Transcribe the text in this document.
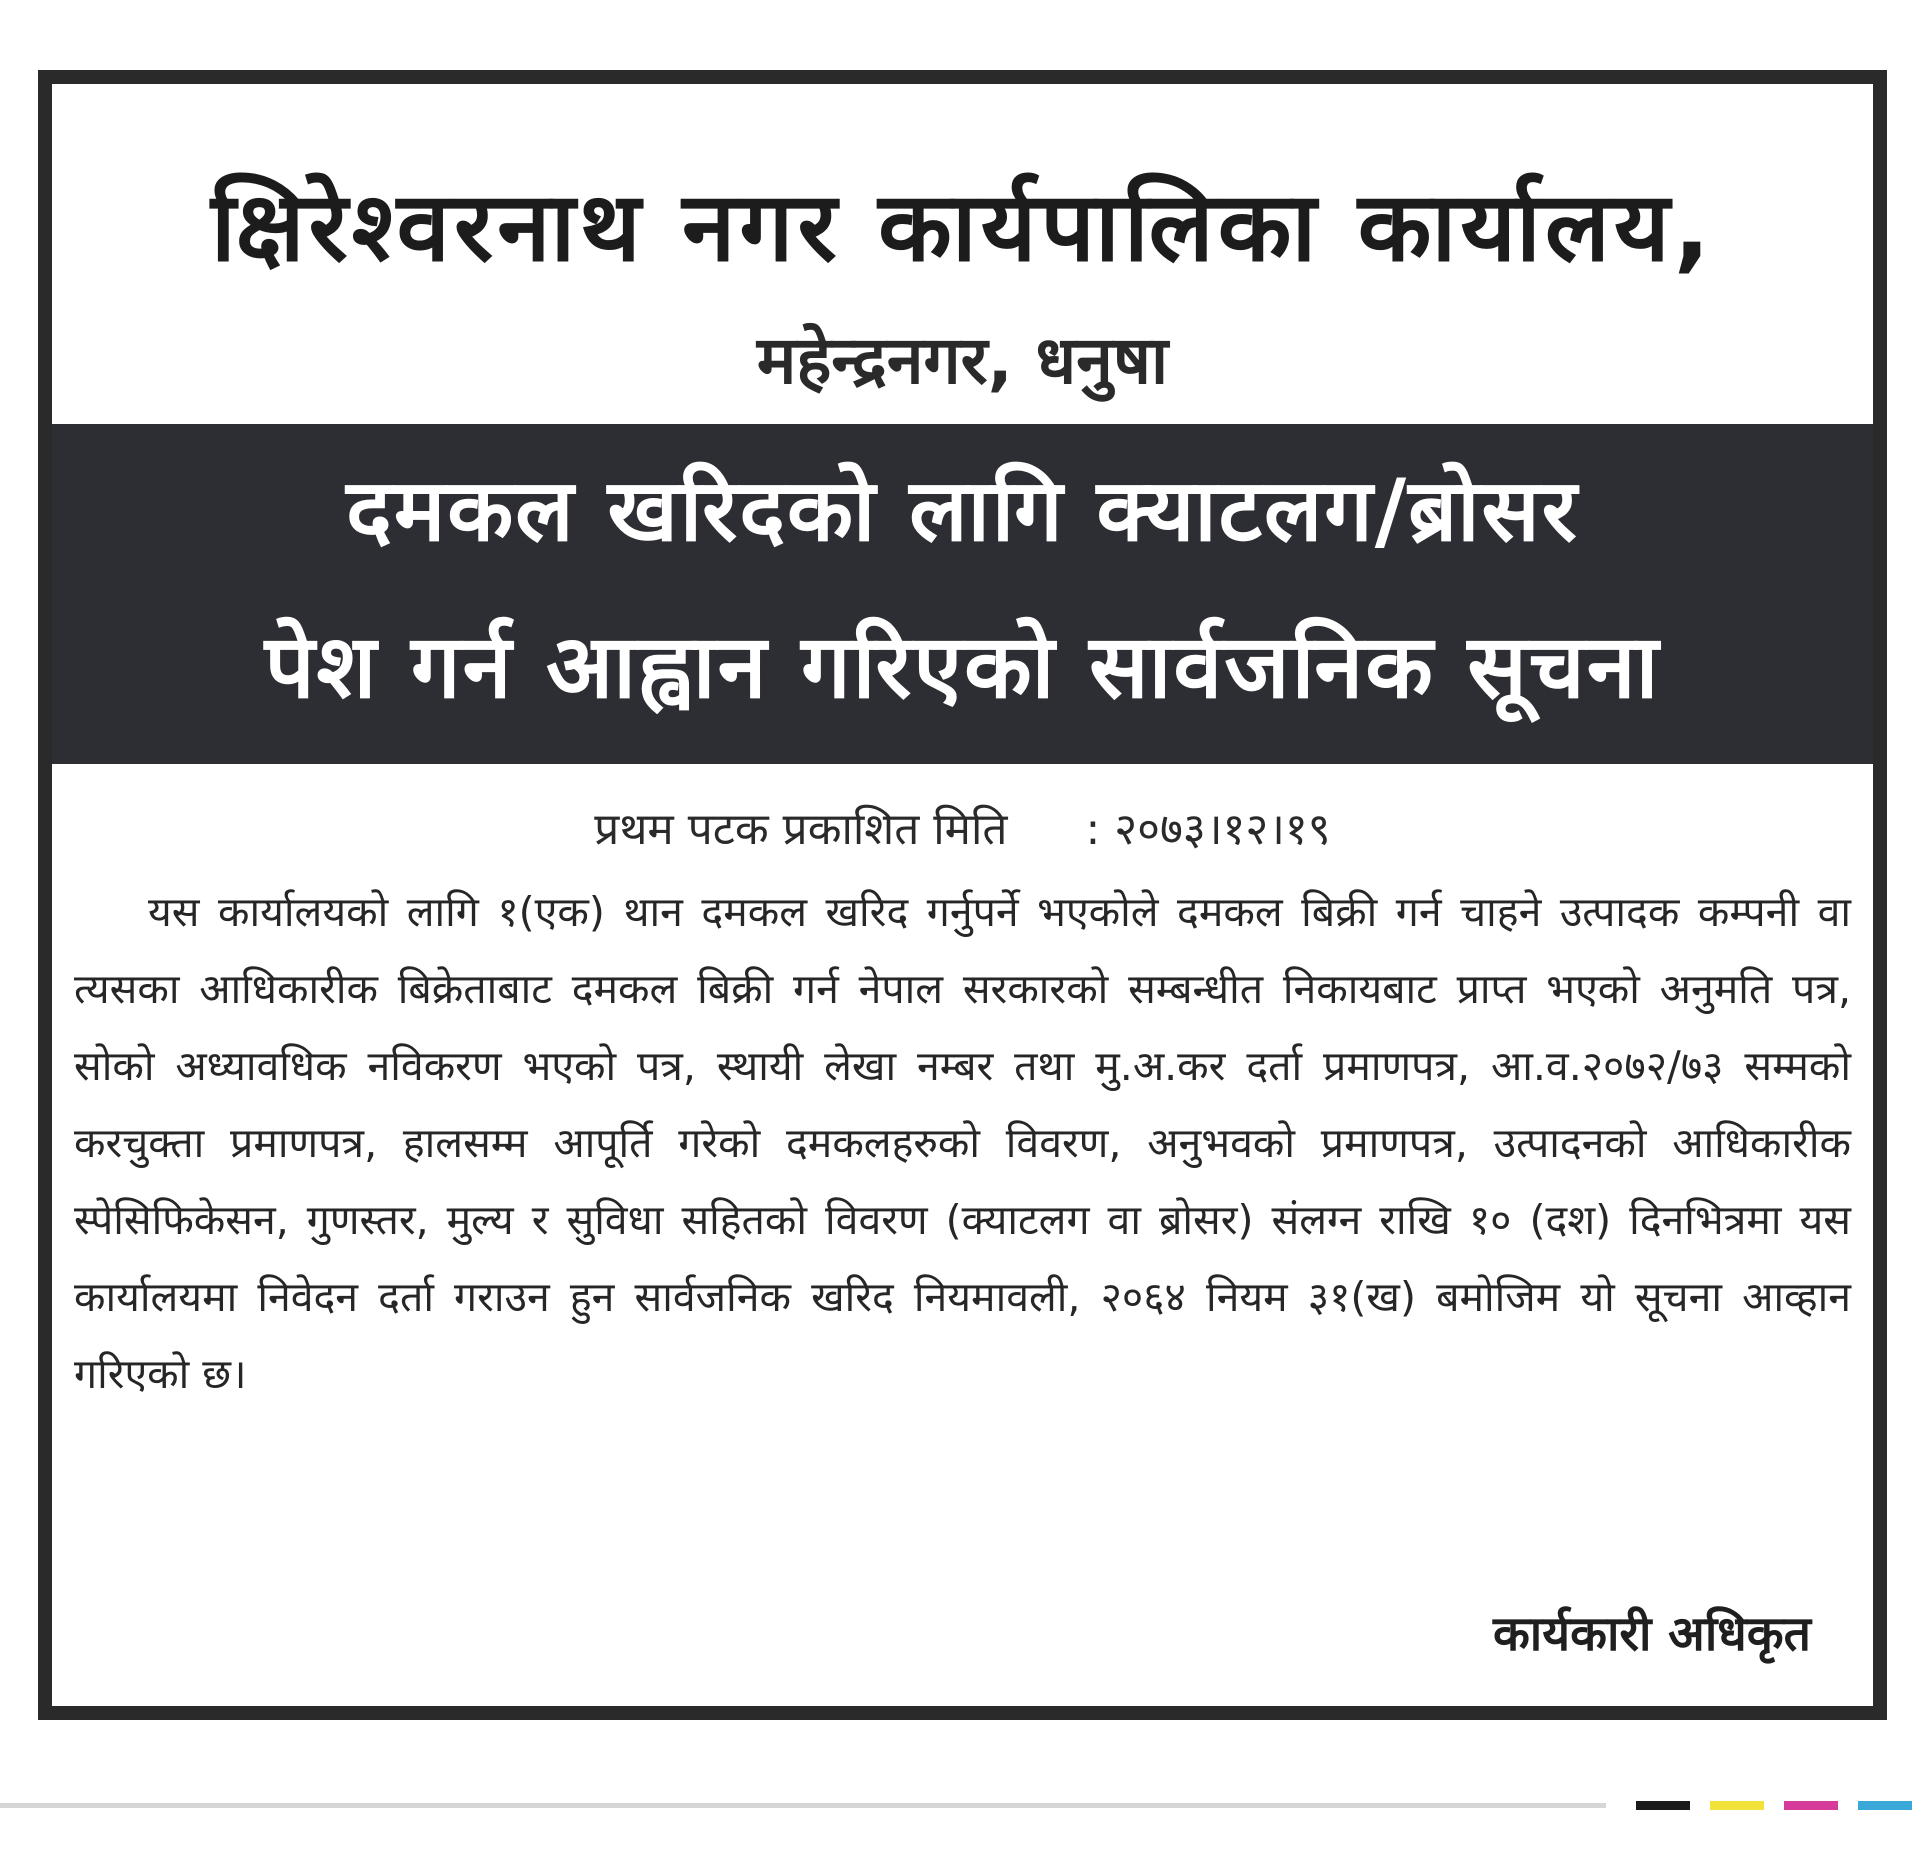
क्षिरेश्वरनाथ नगर कार्यपालिका कार्यालय,
महेन्द्रनगर, धनुषा
दमकल खरिदको लागि क्याटलग/ब्रोसर
पेश गर्न आह्वान गरिएको सार्वजनिक सूचना
प्रथम पटक प्रकाशित मिति : २०७३।१२।१९

यस कार्यालयको लागि १(एक) थान दमकल खरिद गर्नुपर्ने भएकोले दमकल बिक्री गर्न चाहने उत्पादक कम्पनी वा त्यसका आधिकारीक बिक्रेताबाट दमकल बिक्री गर्न नेपाल सरकारको सम्बन्धीत निकायबाट प्राप्त भएको अनुमति पत्र, सोको अध्यावधिक नविकरण भएको पत्र, स्थायी लेखा नम्बर तथा मु.अ.कर दर्ता प्रमाणपत्र, आ.व.२०७२/७३ सम्मको करचुक्ता प्रमाणपत्र, हालसम्म आपूर्ति गरेको दमकलहरुको विवरण, अनुभवको प्रमाणपत्र, उत्पादनको आधिकारीक स्पेसिफिकेसन, गुणस्तर, मुल्य र सुविधा सहितको विवरण (क्याटलग वा ब्रोसर) संलग्न राखि १० (दश) दिनभित्रमा यस कार्यालयमा निवेदन दर्ता गराउन हुन सार्वजनिक खरिद नियमावली, २०६४ नियम ३१(ख) बमोजिम यो सूचना आव्हान गरिएको छ।

कार्यकारी अधिकृत
